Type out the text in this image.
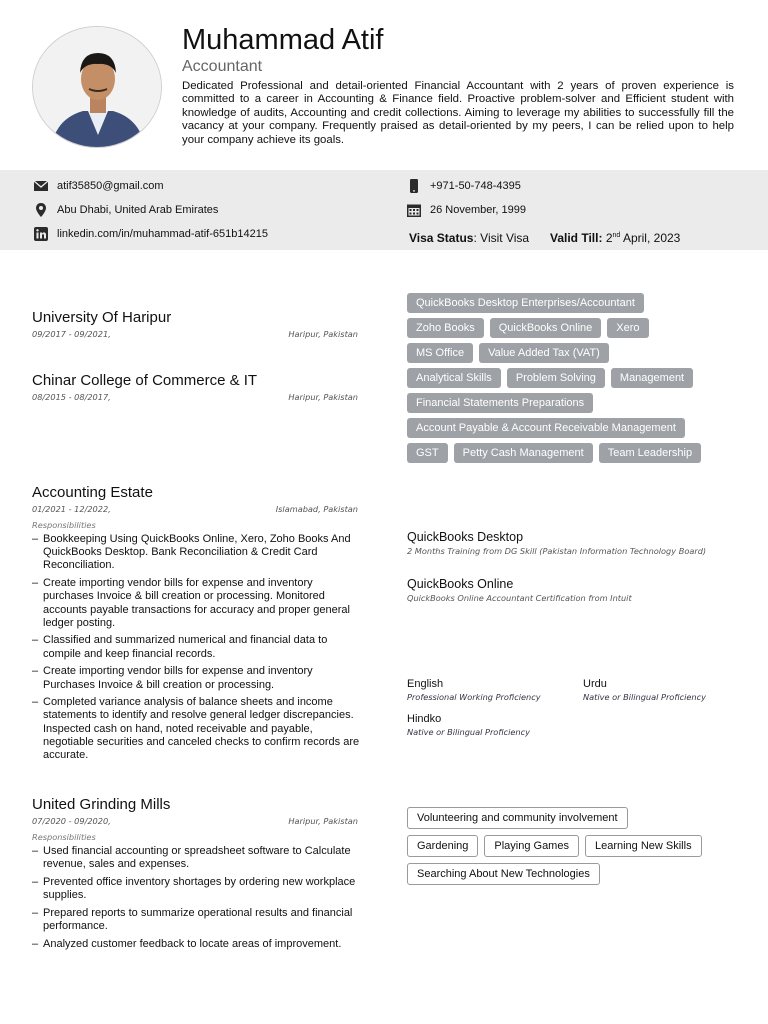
Muhammad Atif
Accountant
Dedicated Professional and detail-oriented Financial Accountant with 2 years of proven experience is committed to a career in Accounting & Finance field. Proactive problem-solver and Efficient student with knowledge of audits, Accounting and credit collections. Aiming to leverage my abilities to successfully fill the vacancy at your company. Frequently praised as detail-oriented by my peers, I can be relied upon to help your company achieve its goals.
atif35850@gmail.com
Abu Dhabi, United Arab Emirates
linkedin.com/in/muhammad-atif-651b14215
+971-50-748-4395
26 November, 1999
Visa Status: Visit Visa Valid Till: 2nd April, 2023
University Of Haripur
09/2017 - 09/2021,	Haripur, Pakistan
Chinar College of Commerce & IT
08/2015 - 08/2017,	Haripur, Pakistan
Accounting Estate
01/2021 - 12/2022,	Islamabad, Pakistan
Responsibilities
– Bookkeeping Using QuickBooks Online, Xero, Zoho Books And QuickBooks Desktop. Bank Reconciliation & Credit Card Reconciliation.
– Create importing vendor bills for expense and inventory purchases Invoice & bill creation or processing. Monitored accounts payable transactions for accuracy and proper general ledger posting.
– Classified and summarized numerical and financial data to compile and keep financial records.
– Create importing vendor bills for expense and inventory Purchases Invoice & bill creation or processing.
– Completed variance analysis of balance sheets and income statements to identify and resolve general ledger discrepancies. Inspected cash on hand, noted receivable and payable, negotiable securities and canceled checks to confirm records are accurate.
United Grinding Mills
07/2020 - 09/2020,	Haripur, Pakistan
Responsibilities
– Used financial accounting or spreadsheet software to Calculate revenue, sales and expenses.
– Prevented office inventory shortages by ordering new workplace supplies.
– Prepared reports to summarize operational results and financial performance.
– Analyzed customer feedback to locate areas of improvement.
QuickBooks Desktop Enterprises/Accountant
Zoho Books	QuickBooks Online	Xero
MS Office	Value Added Tax (VAT)
Analytical Skills	Problem Solving	Management
Financial Statements Preparations
Account Payable & Account Receivable Management
GST	Petty Cash Management	Team Leadership
QuickBooks Desktop
2 Months Training from DG Skill (Pakistan Information Technology Board)
QuickBooks Online
QuickBooks Online Accountant Certification from Intuit
English
Professional Working Proficiency
Urdu
Native or Bilingual Proficiency
Hindko
Native or Bilingual Proficiency
Volunteering and community involvement
Gardening	Playing Games	Learning New Skills
Searching About New Technologies
